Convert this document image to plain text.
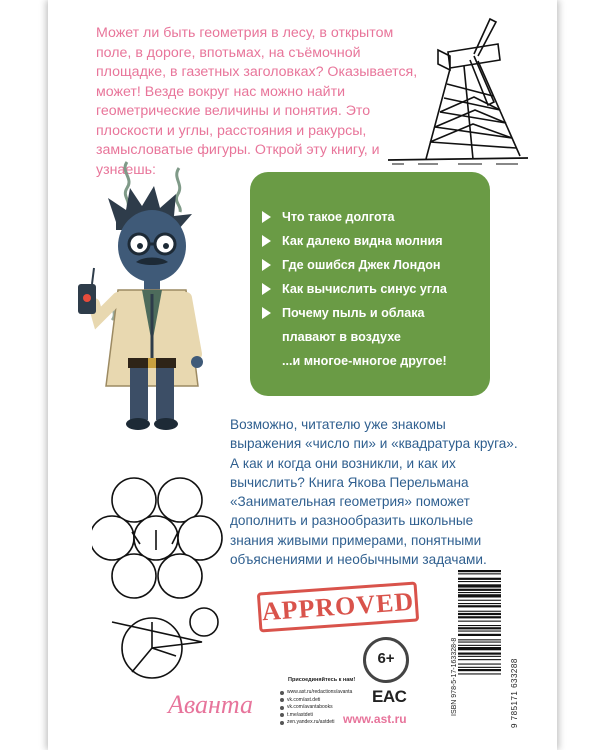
Может ли быть геометрия в лесу, в открытом поле, в дороге, впотьмах, на съёмочной площадке, в газетных заголовках? Оказывается, может! Везде вокруг нас можно найти геометрические величины и понятия. Это плоскости и углы, расстояния и ракурсы, замысловатые фигуры. Открой эту книгу, и узнаешь:

Что такое долгота
Как далеко видна молния
Где ошибся Джек Лондон
Как вычислить синус угла
Почему пыль и облака
плавают в воздухе
...и многое-многое другое!
Возможно, читателю уже знакомы выражения «число пи» и «квадратура круга». А как и когда они возникли, и как их вычислить? Книга Якова Перельмана «Занимательная геометрия» поможет дополнить и разнообразить школьные знания живыми примерами, понятными объяснениями и необычными задачами.
APPROVED
6+
EAC
www.ast.ru
Аванта
Присоединяйтесь к нам!
www.ast.ru/redactions/avanta
vk.com/ast.deti
vk.com/avantabooks
t.me/astdeti
zen.yandex.ru/astdeti
ISBN 978-5-17-163328-8	9 785171 633288
